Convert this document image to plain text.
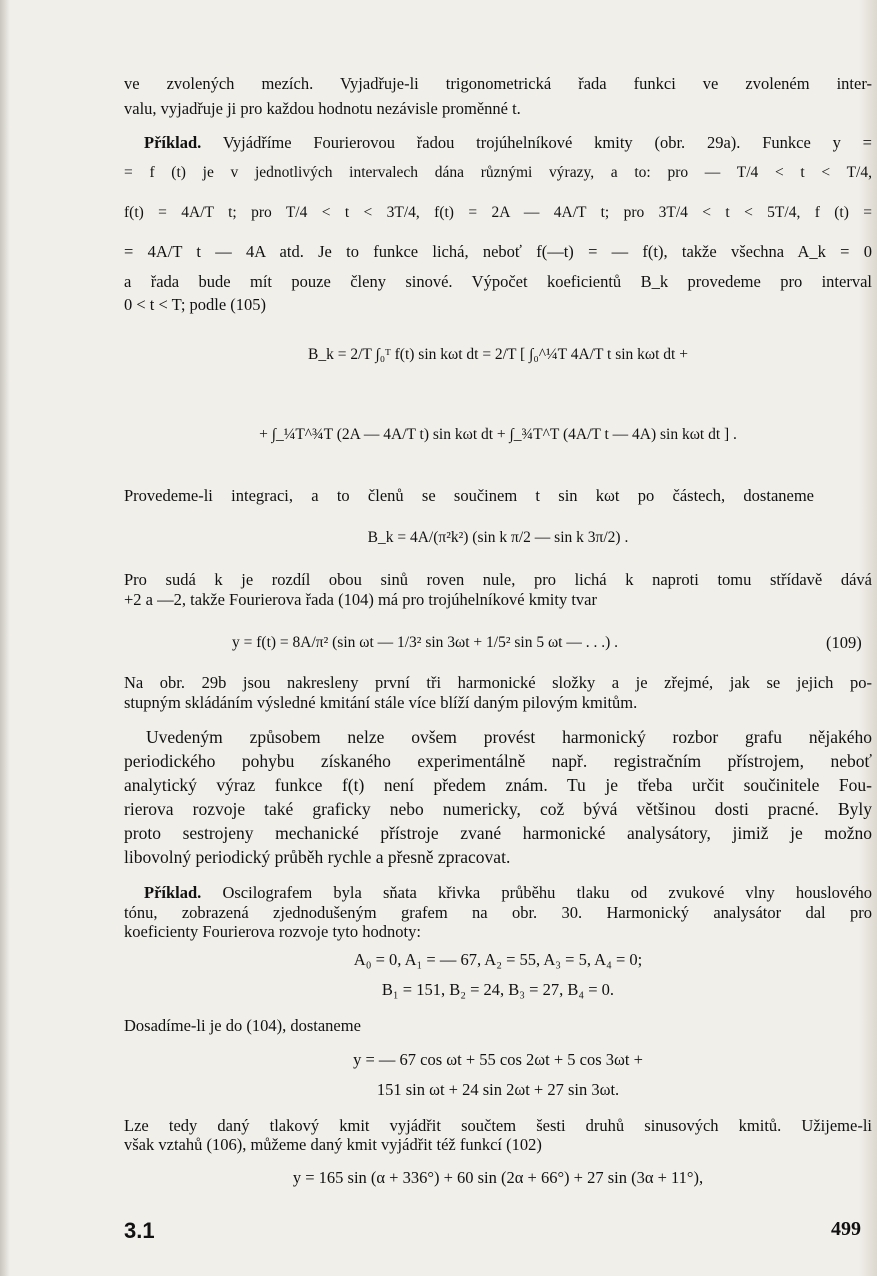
ve zvolených mezích. Vyjadřuje-li trigonometrická řada funkci ve zvoleném inter-
valu, vyjadřuje ji pro každou hodnotu nezávisle proměnné t.
Příklad. Vyjádříme Fourierovou řadou trojúhelníkové kmity (obr. 29a). Funkce y =
= f (t) je v jednotlivých intervalech dána různými výrazy, a to: pro — T/4 < t < T/4,
f(t) = 4A/T t; pro T/4 < t < 3T/4, f(t) = 2A — 4A/T t; pro 3T/4 < t < 5T/4, f (t) =
= 4A/T t — 4A atd. Je to funkce lichá, neboť f(—t) = — f(t), takže všechna A_k = 0
a řada bude mít pouze členy sinové. Výpočet koeficientů B_k provedeme pro interval
0 < t < T; podle (105)
B_k = 2/T ∫₀ᵀ f(t) sin kωt dt = 2/T [ ∫₀^¼T 4A/T t sin kωt dt +
+ ∫_¼T^¾T (2A — 4A/T t) sin kωt dt + ∫_¾T^T (4A/T t — 4A) sin kωt dt ] .
Provedeme-li integraci, a to členů se součinem t sin kωt po částech, dostaneme
B_k = 4A/(π²k²) (sin k π/2 — sin k 3π/2) .
Pro sudá k je rozdíl obou sinů roven nule, pro lichá k naproti tomu střídavě dává
+2 a —2, takže Fourierova řada (104) má pro trojúhelníkové kmity tvar
y = f(t) = 8A/π² (sin ωt — 1/3² sin 3ωt + 1/5² sin 5 ωt — . . .) .	(109)
Na obr. 29b jsou nakresleny první tři harmonické složky a je zřejmé, jak se jejich po-
stupným skládáním výsledné kmitání stále více blíží daným pilovým kmitům.
Uvedeným způsobem nelze ovšem provést harmonický rozbor grafu nějakého
periodického pohybu získaného experimentálně např. registračním přístrojem, neboť
analytický výraz funkce f(t) není předem znám. Tu je třeba určit součinitele Fou-
rierova rozvoje také graficky nebo numericky, což bývá většinou dosti pracné. Byly
proto sestrojeny mechanické přístroje zvané harmonické analysátory, jimiž je možno
libovolný periodický průběh rychle a přesně zpracovat.
Příklad. Oscilografem byla sňata křivka průběhu tlaku od zvukové vlny houslového
tónu, zobrazená zjednodušeným grafem na obr. 30. Harmonický analysátor dal pro
koeficienty Fourierova rozvoje tyto hodnoty:
A₀ = 0, A₁ = — 67, A₂ = 55, A₃ = 5, A₄ = 0;
B₁ = 151, B₂ = 24, B₃ = 27, B₄ = 0.
Dosadíme-li je do (104), dostaneme
y = — 67 cos ωt + 55 cos 2ωt + 5 cos 3ωt +
151 sin ωt + 24 sin 2ωt + 27 sin 3ωt.
Lze tedy daný tlakový kmit vyjádřit součtem šesti druhů sinusových kmitů. Užijeme-li
však vztahů (106), můžeme daný kmit vyjádřit též funkcí (102)
y = 165 sin (α + 336°) + 60 sin (2α + 66°) + 27 sin (3α + 11°),
3.1	499
